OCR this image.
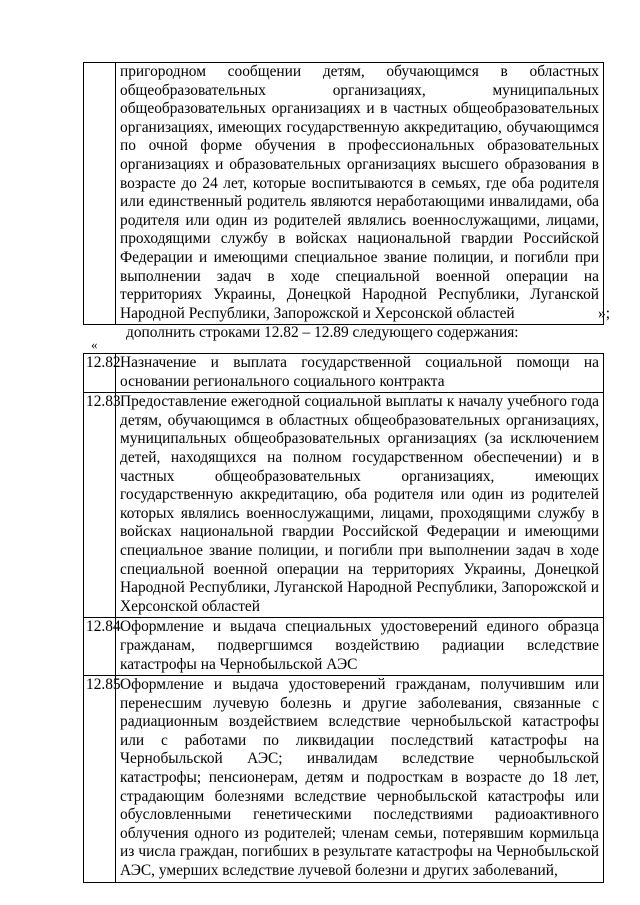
	пригородном сообщении детям, обучающимся в областных общеобразовательных организациях, муниципальных общеобразовательных организациях и в частных общеобразовательных организациях, имеющих государственную аккредитацию, обучающимся по очной форме обучения в профессиональных образовательных организациях и образовательных организациях высшего образования в возрасте до 24 лет, которые воспитываются в семьях, где оба родителя или единственный родитель являются неработающими инвалидами, оба родителя или один из родителей являлись военнослужащими, лицами, проходящими службу в войсках национальной гвардии Российской Федерации и имеющими специальное звание полиции, и погибли при выполнении задач в ходе специальной военной операции на территориях Украины, Донецкой Народной Республики, Луганской Народной Республики, Запорожской и Херсонской областей	»;
дополнить строками 12.82 – 12.89 следующего содержания:
«
12.82	Назначение и выплата государственной социальной помощи на основании регионального социального контракта
12.83	Предоставление ежегодной социальной выплаты к началу учебного года детям, обучающимся в областных общеобразовательных организациях, муниципальных общеобразовательных организациях (за исключением детей, находящихся на полном государственном обеспечении) и в частных общеобразовательных организациях, имеющих государственную аккредитацию, оба родителя или один из родителей которых являлись военнослужащими, лицами, проходящими службу в войсках национальной гвардии Российской Федерации и имеющими специальное звание полиции, и погибли при выполнении задач в ходе специальной военной операции на территориях Украины, Донецкой Народной Республики, Луганской Народной Республики, Запорожской и Херсонской областей
12.84	Оформление и выдача специальных удостоверений единого образца гражданам, подвергшимся воздействию радиации вследствие катастрофы на Чернобыльской АЭС
12.85	Оформление и выдача удостоверений гражданам, получившим или перенесшим лучевую болезнь и другие заболевания, связанные с радиационным воздействием вследствие чернобыльской катастрофы или с работами по ликвидации последствий катастрофы на Чернобыльской АЭС; инвалидам вследствие чернобыльской катастрофы; пенсионерам, детям и подросткам в возрасте до 18 лет, страдающим болезнями вследствие чернобыльской катастрофы или обусловленными генетическими последствиями радиоактивного облучения одного из родителей; членам семьи, потерявшим кормильца из числа граждан, погибших в результате катастрофы на Чернобыльской АЭС, умерших вследствие лучевой болезни и других заболеваний,
